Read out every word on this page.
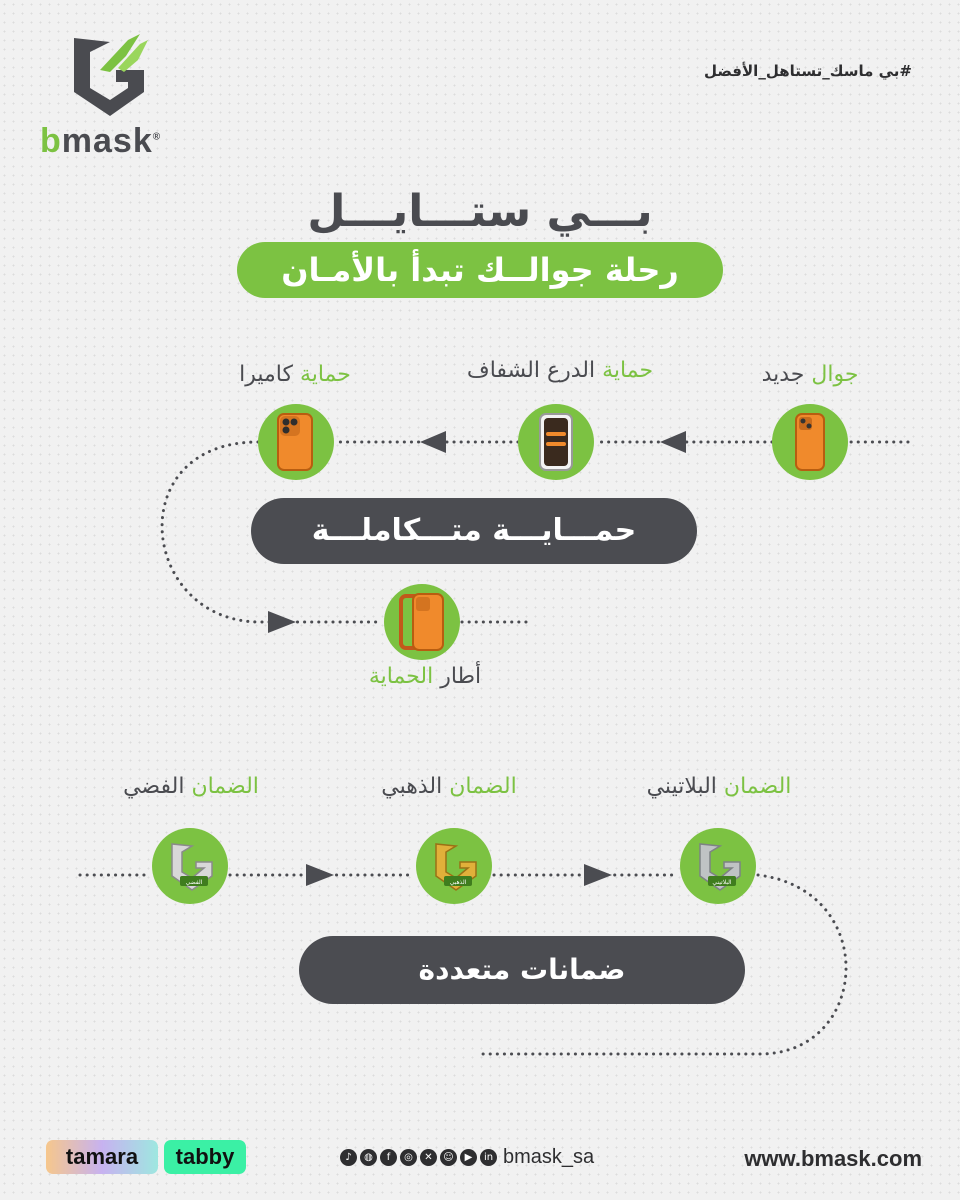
bmask®
#بي ماسك_تستاهل_الأفضل
بـــي ستـــايـــل
رحلة جوالــك تبدأ بالأمـان
جوال جديد
حماية الدرع الشفاف
حماية كاميرا
حمـــايـــة متـــكاملـــة
أطار الحماية
الضمان البلاتيني
الضمان الذهبي
الضمان الفضي
البلاتيني
الذهبي
الفضي
ضمانات متعددة
tamara	tabby	♪	◍	f	◎	✕	☺	▶	in bmask_sa	www.bmask.com
